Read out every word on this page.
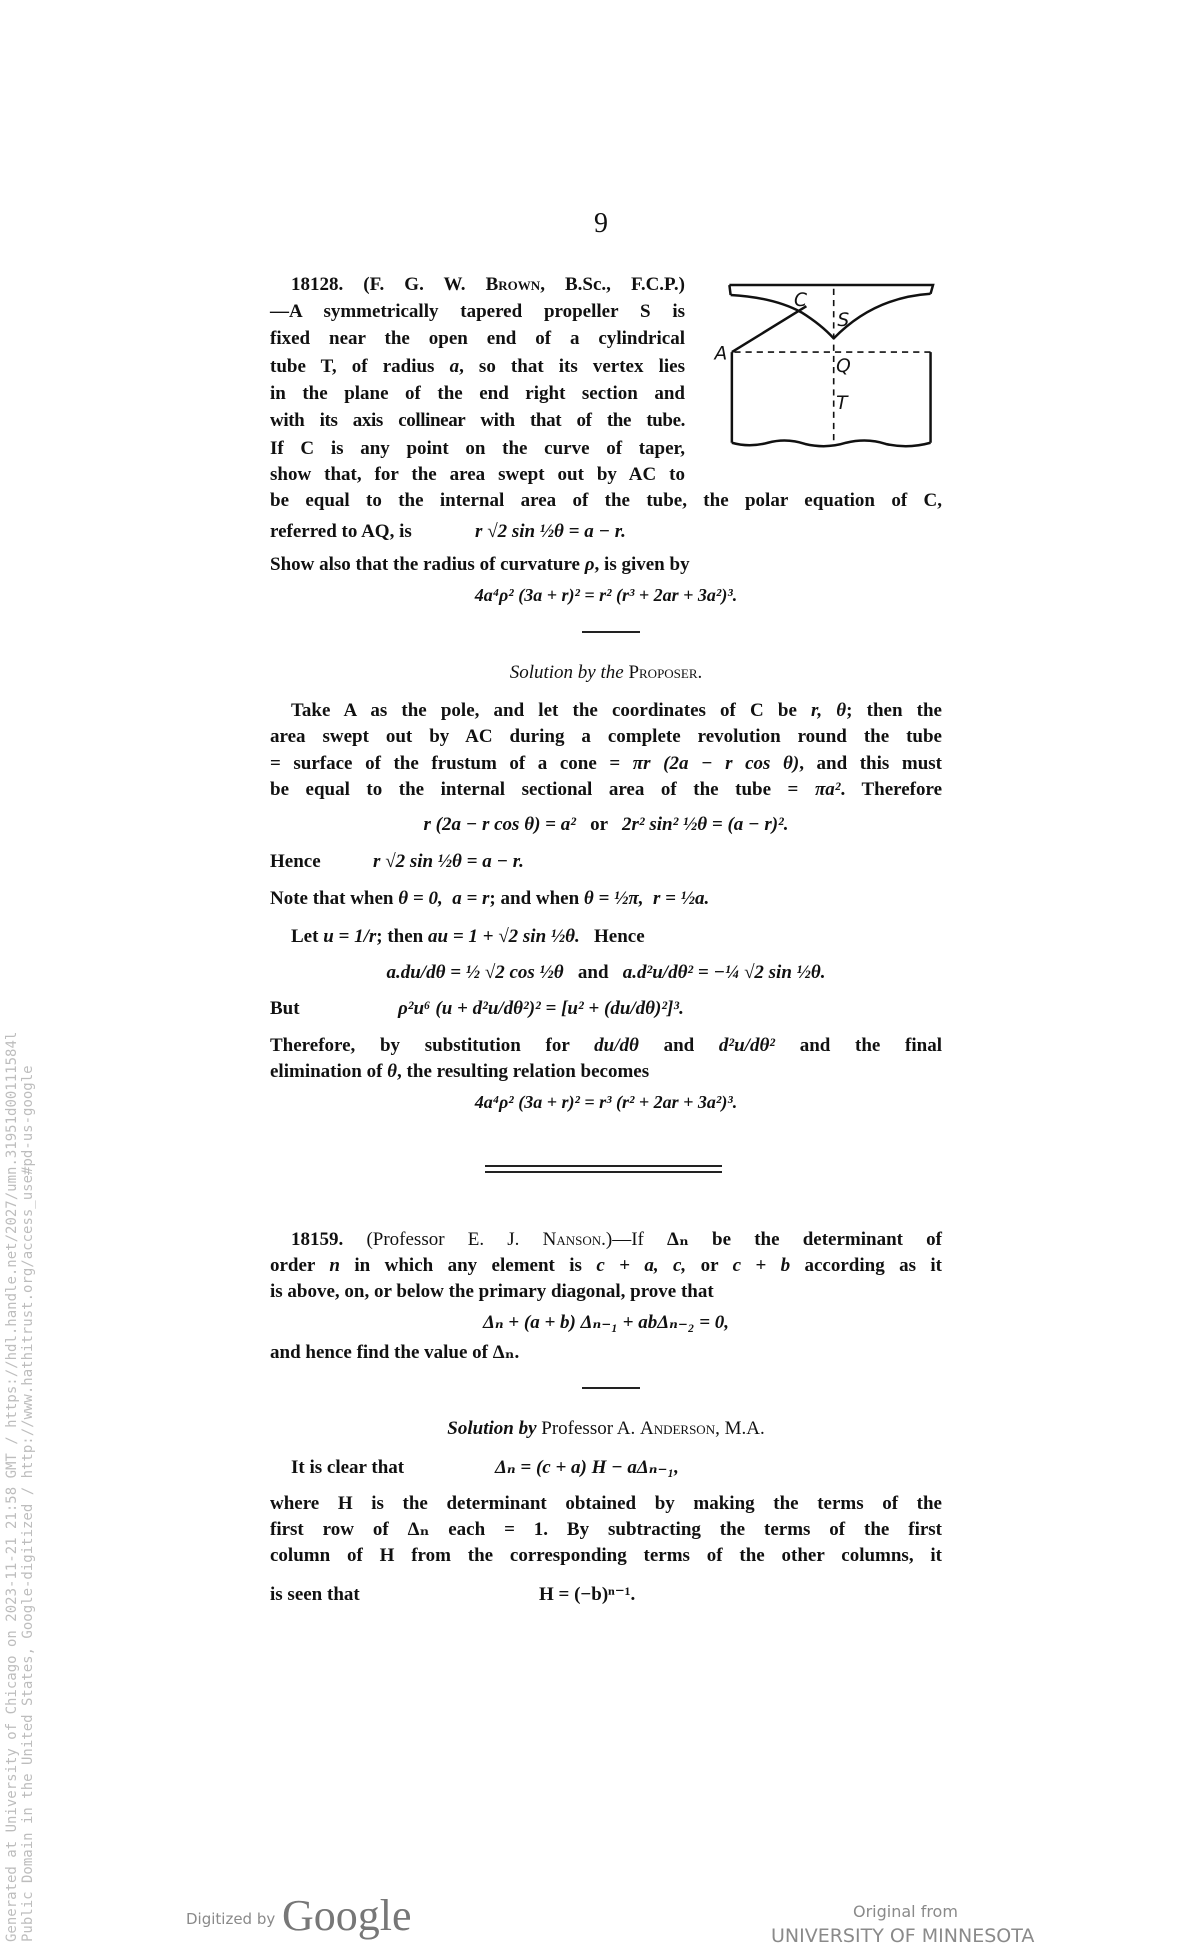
9
18128. (F. G. W. Brown, B.Sc., F.C.P.)
—A symmetrically tapered propeller S is
fixed near the open end of a cylindrical
tube T, of radius a, so that its vertex lies
in the plane of the end right section and
with its axis collinear with that of the tube.
If C is any point on the curve of taper,
show that, for the area swept out by AC to
be equal to the internal area of the tube, the polar equation of C,
referred to AQ, is	r √2 sin ½θ = a − r.
Show also that the radius of curvature ρ, is given by
4a⁴ρ² (3a + r)² = r² (r³ + 2ar + 3a²)³.
C
S
A
Q
T
Solution by the Proposer.
Take A as the pole, and let the coordinates of C be r, θ; then the
area swept out by AC during a complete revolution round the tube
= surface of the frustum of a cone = πr (2a − r cos θ), and this must
be equal to the internal sectional area of the tube = πa². Therefore
r (2a − r cos θ) = a²   or   2r² sin² ½θ = (a − r)².
Hence	r √2 sin ½θ = a − r.
Note that when θ = 0,  a = r; and when θ = ½π,  r = ½a.
Let u = 1/r; then au = 1 + √2 sin ½θ.   Hence
a.du/dθ = ½ √2 cos ½θ   and   a.d²u/dθ² = −¼ √2 sin ½θ.
But	ρ²u⁶ (u + d²u/dθ²)² = [u² + (du/dθ)²]³.
Therefore, by substitution for du/dθ and d²u/dθ² and the final
elimination of θ, the resulting relation becomes
4a⁴ρ² (3a + r)² = r³ (r² + 2ar + 3a²)³.
18159. (Professor E. J. Nanson.)—If Δₙ be the determinant of
order n in which any element is c + a, c, or c + b according as it
is above, on, or below the primary diagonal, prove that
Δₙ + (a + b) Δₙ₋₁ + abΔₙ₋₂ = 0,
and hence find the value of Δₙ.
Solution by Professor A. Anderson, M.A.
It is clear that	Δₙ = (c + a) H − aΔₙ₋₁,
where H is the determinant obtained by making the terms of the
first row of Δₙ each = 1. By subtracting the terms of the first
column of H from the corresponding terms of the other columns, it
is seen that	H = (−b)ⁿ⁻¹.
Generated at University of Chicago on 2023-11-21 21:58 GMT / https://hdl.handle.net/2027/umn.31951d00111584l Public Domain in the United States, Google-digitized / http://www.hathitrust.org/access_use#pd-us-google	Digitized by Google	Original from
UNIVERSITY OF MINNESOTA
